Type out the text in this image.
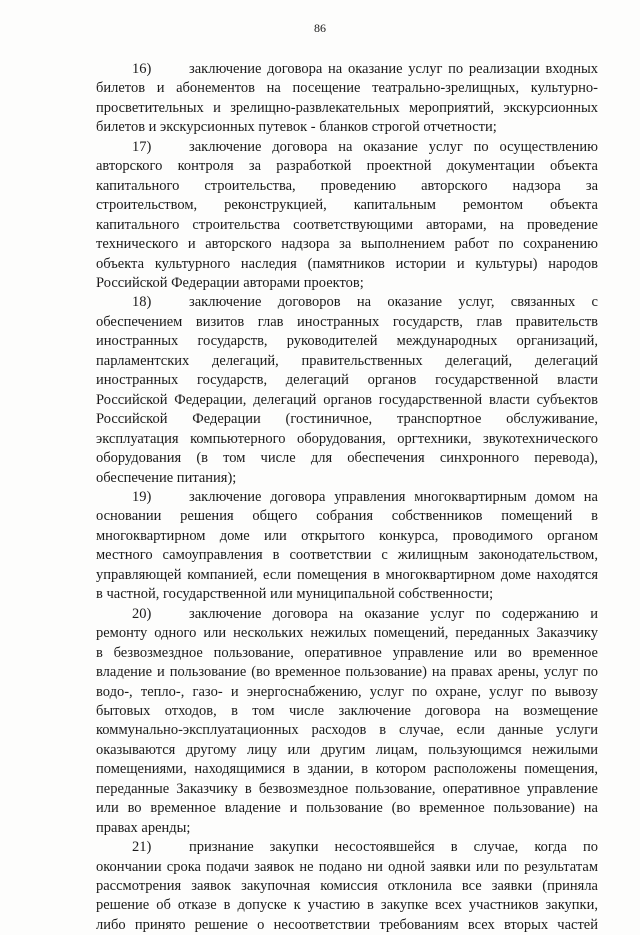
86
16)	заключение договора на оказание услуг по реализации входных
билетов и абонементов на посещение театрально-зрелищных, культурно-
просветительных и зрелищно-развлекательных мероприятий, экскурсионных
билетов и экскурсионных путевок - бланков строгой отчетности;
17)	заключение договора на оказание услуг по осуществлению
авторского контроля за разработкой проектной документации объекта
капитального строительства, проведению авторского надзора за
строительством, реконструкцией, капитальным ремонтом объекта
капитального строительства соответствующими авторами, на проведение
технического и авторского надзора за выполнением работ по сохранению
объекта культурного наследия (памятников истории и культуры) народов
Российской Федерации авторами проектов;
18)	заключение договоров на оказание услуг, связанных с
обеспечением визитов глав иностранных государств, глав правительств
иностранных государств, руководителей международных организаций,
парламентских делегаций, правительственных делегаций, делегаций
иностранных государств, делегаций органов государственной власти
Российской Федерации, делегаций органов государственной власти субъектов
Российской Федерации (гостиничное, транспортное обслуживание,
эксплуатация компьютерного оборудования, оргтехники, звукотехнического
оборудования (в том числе для обеспечения синхронного перевода),
обеспечение питания);
19)	заключение договора управления многоквартирным домом на
основании решения общего собрания собственников помещений в
многоквартирном доме или открытого конкурса, проводимого органом
местного самоуправления в соответствии с жилищным законодательством,
управляющей компанией, если помещения в многоквартирном доме находятся
в частной, государственной или муниципальной собственности;
20)	заключение договора на оказание услуг по содержанию и
ремонту одного или нескольких нежилых помещений, переданных Заказчику
в безвозмездное пользование, оперативное управление или во временное
владение и пользование (во временное пользование) на правах арены, услуг по
водо-, тепло-, газо- и энергоснабжению, услуг по охране, услуг по вывозу
бытовых отходов, в том числе заключение договора на возмещение
коммунально-эксплуатационных расходов в случае, если данные услуги
оказываются другому лицу или другим лицам, пользующимся нежилыми
помещениями, находящимися в здании, в котором расположены помещения,
переданные Заказчику в безвозмездное пользование, оперативное управление
или во временное владение и пользование (во временное пользование) на
правах аренды;
21)	признание закупки несостоявшейся в случае, когда по
окончании срока подачи заявок не подано ни одной заявки или по результатам
рассмотрения заявок закупочная комиссия отклонила все заявки (приняла
решение об отказе в допуске к участию в закупке всех участников закупки,
либо принято решение о несоответствии требованиям всех вторых частей
